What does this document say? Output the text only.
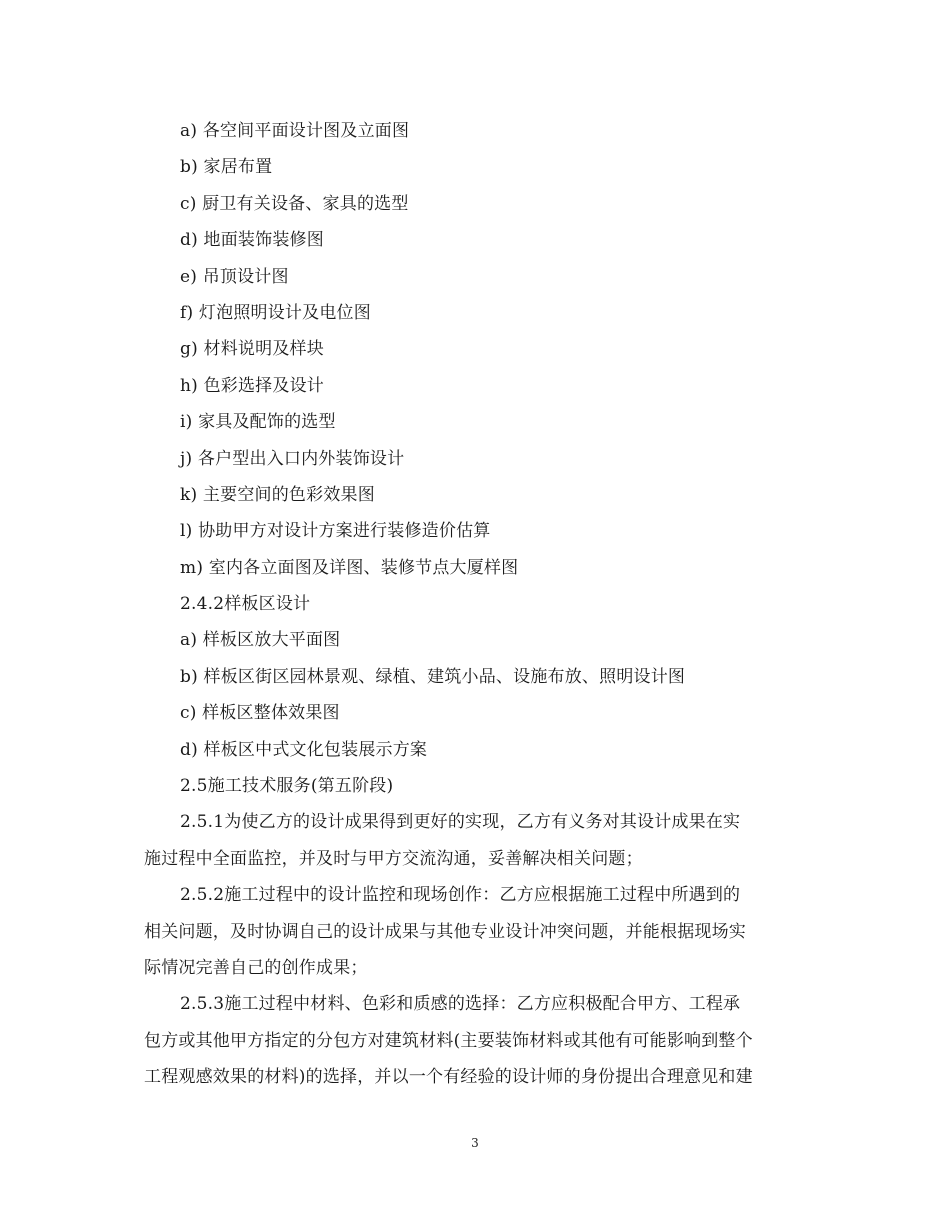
a) 各空间平面设计图及立面图
b) 家居布置
c) 厨卫有关设备、家具的选型
d) 地面装饰装修图
e) 吊顶设计图
f) 灯泡照明设计及电位图
g) 材料说明及样块
h) 色彩选择及设计
i) 家具及配饰的选型
j) 各户型出入口内外装饰设计
k) 主要空间的色彩效果图
l) 协助甲方对设计方案进行装修造价估算
m) 室内各立面图及详图、装修节点大厦样图
2.4.2样板区设计
a) 样板区放大平面图
b) 样板区街区园林景观、绿植、建筑小品、设施布放、照明设计图
c) 样板区整体效果图
d) 样板区中式文化包装展示方案
2.5施工技术服务(第五阶段)
2.5.1为使乙方的设计成果得到更好的实现，乙方有义务对其设计成果在实
施过程中全面监控，并及时与甲方交流沟通，妥善解决相关问题；
2.5.2施工过程中的设计监控和现场创作：乙方应根据施工过程中所遇到的
相关问题，及时协调自己的设计成果与其他专业设计冲突问题，并能根据现场实
际情况完善自己的创作成果；
2.5.3施工过程中材料、色彩和质感的选择：乙方应积极配合甲方、工程承
包方或其他甲方指定的分包方对建筑材料(主要装饰材料或其他有可能影响到整个
工程观感效果的材料)的选择，并以一个有经验的设计师的身份提出合理意见和建
3
